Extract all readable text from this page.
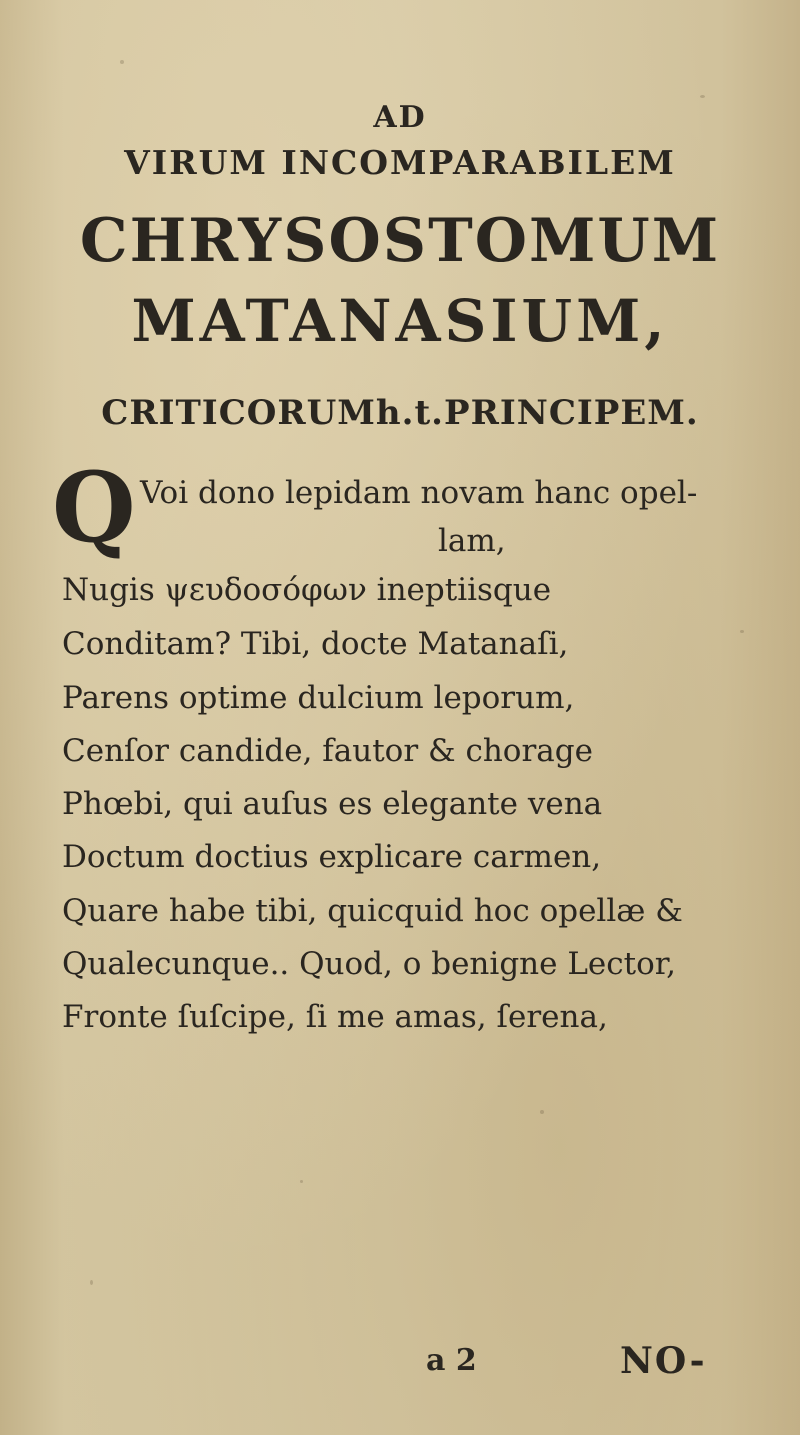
AD
VIRUM INCOMPARABILEM
CHRYSOSTOMUM
MATANASIUM,
CRITICORUMh.t.PRINCIPEM.
Q Voi dono lepidam novam hanc opel-
lam,
Nugis ψευδοσόφων ineptiisque
Conditam? Tibi, docte Matanaſi,
Parens optime dulcium leporum,
Cenſor candide, fautor & chorage
Phœbi, qui auſus es elegante vena
Doctum doctius explicare carmen,
Quare habe tibi, quicquid hoc opellæ &
Qualecunque.. Quod, o benigne Lector,
Fronte ſuſcipe, ſi me amas, ſerena,
a 2	NO-
